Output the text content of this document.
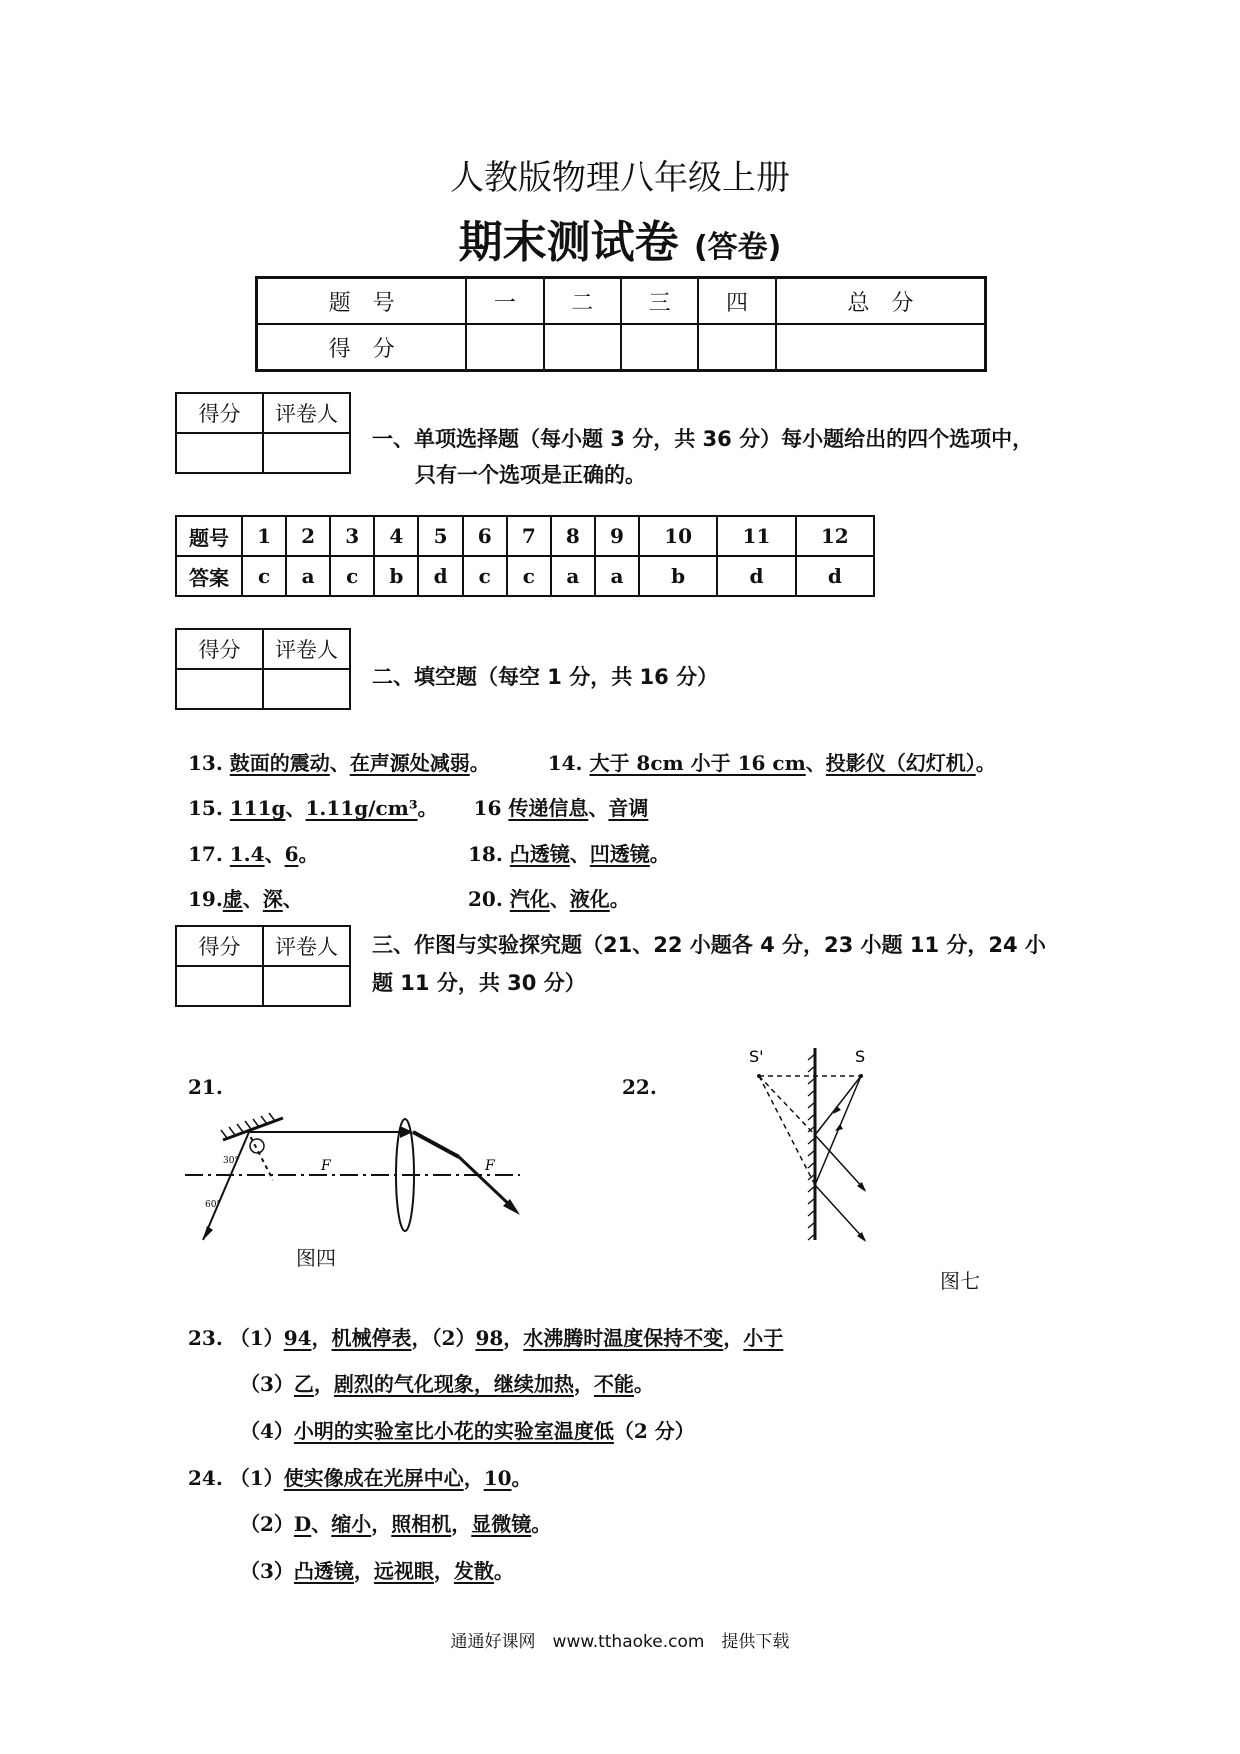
人教版物理八年级上册
期末测试卷 (答卷)
题　号	一	二	三	四	总　分
得　分					
得分	评卷人

一、单项选择题（每小题 3 分，共 36 分）每小题给出的四个选项中，
只有一个选项是正确的。
题号	1	2	3	4	5	6	7	8	9	10	11	12
答案	c	a	c	b	d	c	c	a	a	b	d	d
得分	评卷人

二、填空题（每空 1 分，共 16 分）
13. 鼓面的震动、在声源处减弱。	14. 大于 8cm 小于 16 cm、投影仪（幻灯机）。
15. 111g、1.11g/cm³。  16 传递信息、音调
17. 1.4、6。	18. 凸透镜、凹透镜。
19.虚、深、	20. 汽化、液化。
得分	评卷人
	三、作图与实验探究题（21、22 小题各 4 分，23 小题 11 分，24 小
题 11 分，共 30 分）
21.	22.
30°
60°
F	F
图四
S'	S
图七
23. （1）94，机械停表，（2）98，水沸腾时温度保持不变，小于
（3）乙，剧烈的气化现象，继续加热，不能。
（4）小明的实验室比小花的实验室温度低（2 分）
24. （1）使实像成在光屏中心，10。
（2）D、缩小，照相机，显微镜。
（3）凸透镜，远视眼，发散。
通通好课网　www.tthaoke.com　提供下载
